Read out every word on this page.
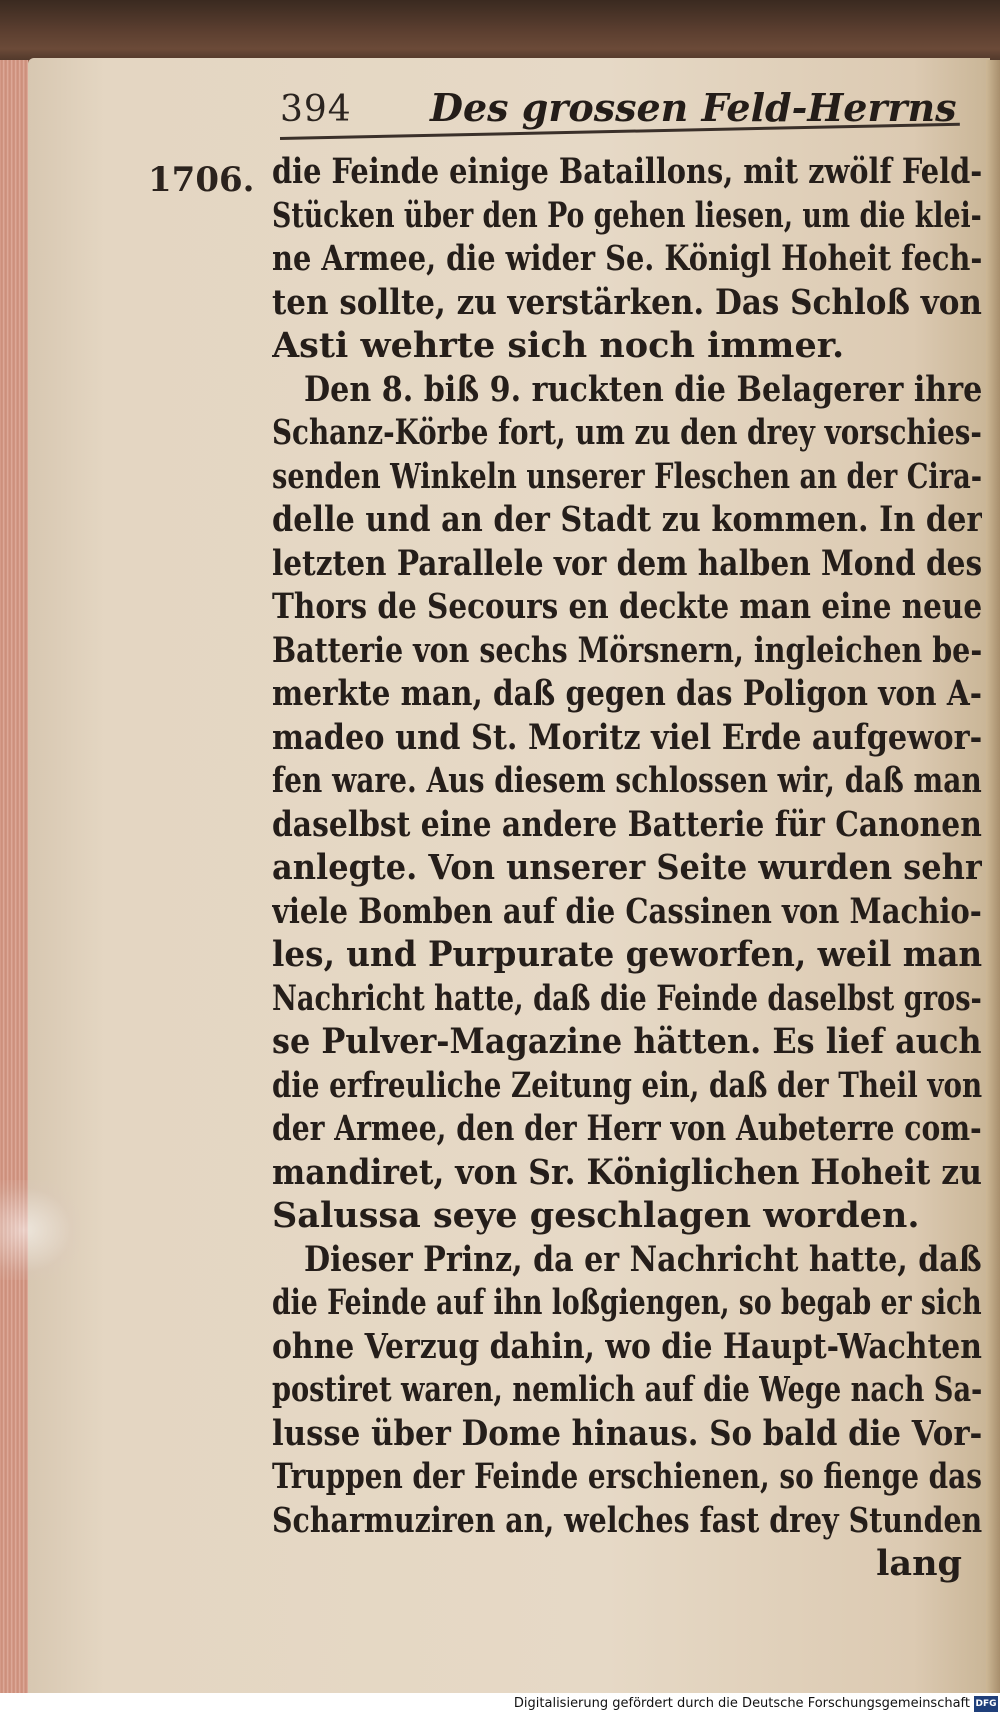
394 Des grossen Feld-Herrns
1706. die Feinde einige Bataillons, mit zwölf Feld-
Stücken über den Po gehen liesen, um die klei-
ne Armee, die wider Se. Königl Hoheit fech-
ten sollte, zu verstärken. Das Schloß von
Asti wehrte sich noch immer.
Den 8. biß 9. ruckten die Belagerer ihre
Schanz-Körbe fort, um zu den drey vorschies-
senden Winkeln unserer Fleschen an der Cira-
delle und an der Stadt zu kommen. In der
letzten Parallele vor dem halben Mond des
Thors de Secours en deckte man eine neue
Batterie von sechs Mörsnern, ingleichen be-
merkte man, daß gegen das Poligon von A-
madeo und St. Moritz viel Erde aufgewor-
fen ware. Aus diesem schlossen wir, daß man
daselbst eine andere Batterie für Canonen
anlegte. Von unserer Seite wurden sehr
viele Bomben auf die Cassinen von Machio-
les, und Purpurate geworfen, weil man
Nachricht hatte, daß die Feinde daselbst gros-
se Pulver-Magazine hätten. Es lief auch
die erfreuliche Zeitung ein, daß der Theil von
der Armee, den der Herr von Aubeterre com-
mandiret, von Sr. Königlichen Hoheit zu
Salussa seye geschlagen worden.
Dieser Prinz, da er Nachricht hatte, daß
die Feinde auf ihn loßgiengen, so begab er sich
ohne Verzug dahin, wo die Haupt-Wachten
postiret waren, nemlich auf die Wege nach Sa-
lusse über Dome hinaus. So bald die Vor-
Truppen der Feinde erschienen, so fienge das
Scharmuziren an, welches fast drey Stunden
lang
Digitalisierung gefördert durch die Deutsche Forschungsgemeinschaft DFG
